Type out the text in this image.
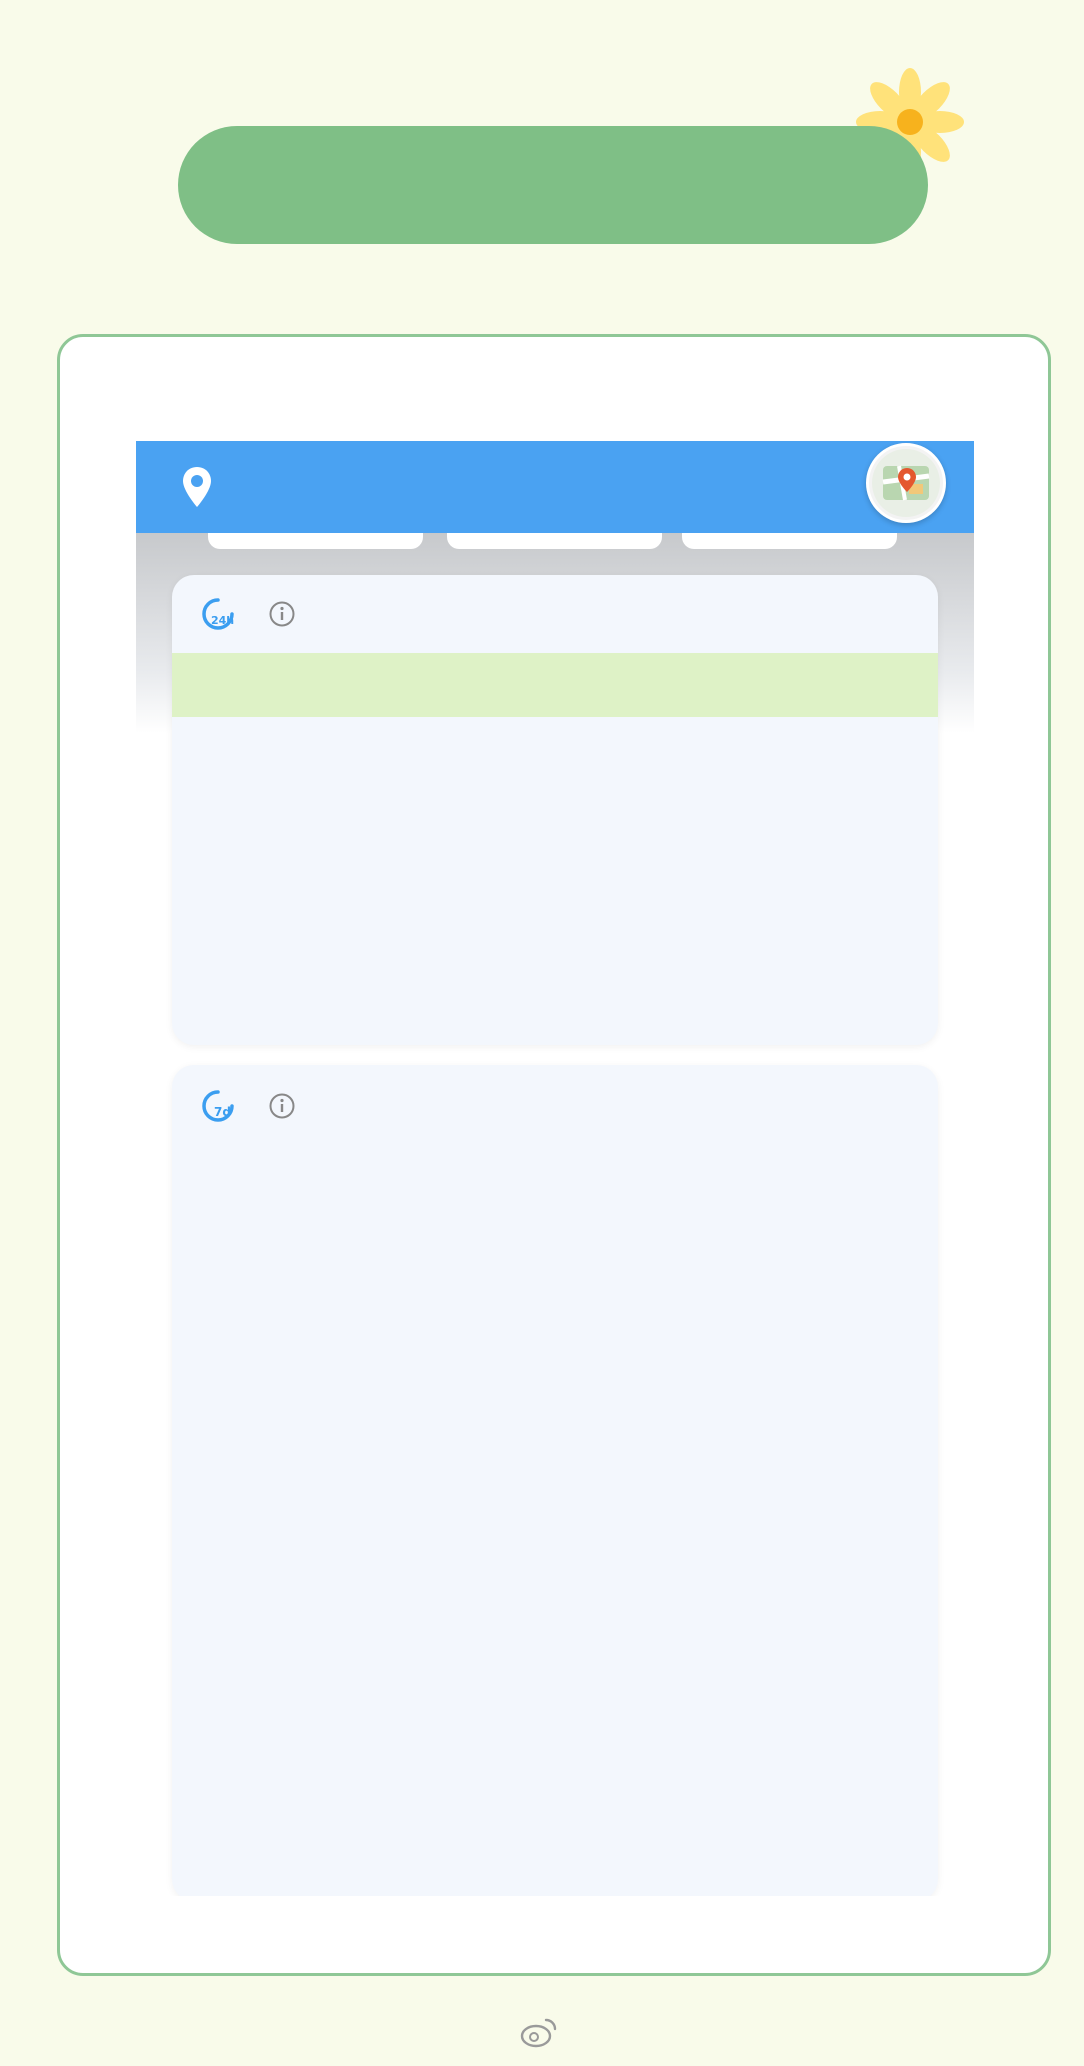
24h
7d
